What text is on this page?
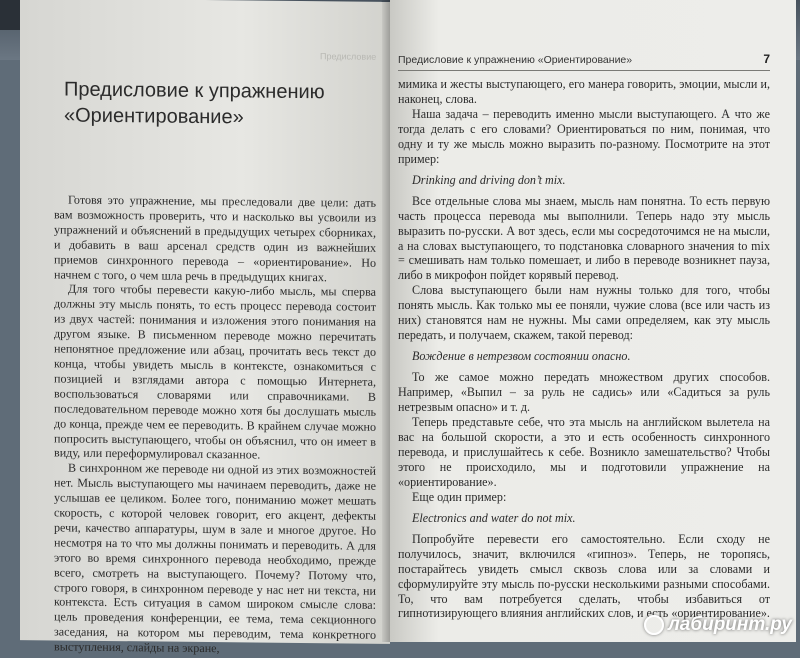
Предисловие
Предисловие к упражнению «Ориентирование»

Готовя это упражнение, мы преследовали две цели: дать вам возможность проверить, что и насколько вы усвоили из упражнений и объяснений в предыдущих четырех сборниках, и добавить в ваш арсенал средств один из важнейших приемов синхронного перевода – «ориентирование». Но начнем с того, о чем шла речь в предыдущих книгах.

Для того чтобы перевести какую-либо мысль, мы сперва должны эту мысль понять, то есть процесс перевода состоит из двух частей: понимания и изложения этого понимания на другом языке. В письменном переводе можно перечитать непонятное предложение или абзац, прочитать весь текст до конца, чтобы увидеть мысль в контексте, ознакомиться с позицией и взглядами автора с помощью Интернета, воспользоваться словарями или справочниками. В последовательном переводе можно хотя бы дослушать мысль до конца, прежде чем ее переводить. В крайнем случае можно попросить выступающего, чтобы он объяснил, что он имеет в виду, или переформулировал сказанное.

В синхронном же переводе ни одной из этих возможностей нет. Мысль выступающего мы начинаем переводить, даже не услышав ее целиком. Более того, пониманию может мешать скорость, с которой человек говорит, его акцент, дефекты речи, качество аппаратуры, шум в зале и многое другое. Но несмотря на то что мы должны понимать и переводить. А для этого во время синхронного перевода необходимо, прежде всего, смотреть на выступающего. Почему? Потому что, строго говоря, в синхронном переводе у нас нет ни текста, ни контекста. Есть ситуация в самом широком смысле слова: цель проведения конференции, ее тема, тема секционного заседания, на котором мы переводим, тема конкретного выступления, слайды на экране,

Предисловие к упражнению «Ориентирование»	7

мимика и жесты выступающего, его манера говорить, эмоции, мысли и, наконец, слова.

Наша задача – переводить именно мысли выступающего. А что же тогда делать с его словами? Ориентироваться по ним, понимая, что одну и ту же мысль можно выразить по-разному. Посмотрите на этот пример:

Drinking and driving don’t mix.

Все отдельные слова мы знаем, мысль нам понятна. То есть первую часть процесса перевода мы выполнили. Теперь надо эту мысль выразить по-русски. А вот здесь, если мы сосредоточимся не на мысли, а на словах выступающего, то подстановка словарного значения to mix = смешивать нам только помешает, и либо в переводе возникнет пауза, либо в микрофон пойдет корявый перевод.

Слова выступающего были нам нужны только для того, чтобы понять мысль. Как только мы ее поняли, чужие слова (все или часть из них) становятся нам не нужны. Мы сами определяем, как эту мысль передать, и получаем, скажем, такой перевод:

Вождение в нетрезвом состоянии опасно.

То же самое можно передать множеством других способов. Например, «Выпил – за руль не садись» или «Садиться за руль нетрезвым опасно» и т. д.

Теперь представьте себе, что эта мысль на английском вылетела на вас на большой скорости, а это и есть особенность синхронного перевода, и прислушайтесь к себе. Возникло замешательство? Чтобы этого не происходило, мы и подготовили упражнение на «ориентирование».

Еще один пример:

Electronics and water do not mix.

Попробуйте перевести его самостоятельно. Если сходу не получилось, значит, включился «гипноз». Теперь, не торопясь, постарайтесь увидеть смысл сквозь слова или за словами и сформулируйте эту мысль по-русски несколькими разными способами. То, что вам потребуется сделать, чтобы избавиться от гипнотизирующего влияния английских слов, и есть «ориентирование».

лабиринт.ру
